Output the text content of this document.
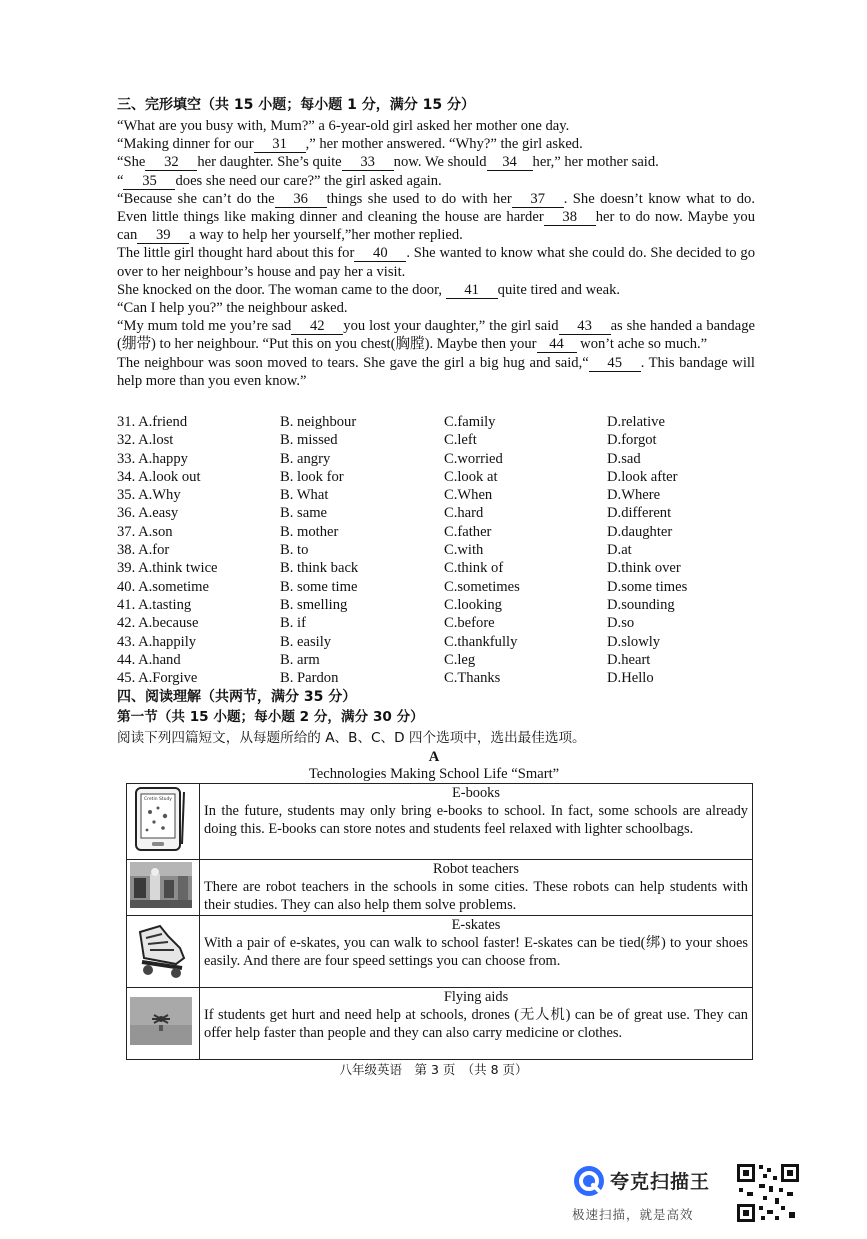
三、完形填空（共 15 小题；每小题 1 分，满分 15 分）

“What are you busy with, Mum?” a 6-year-old girl asked her mother one day.

“Making dinner for our 31 ,” her mother answered. “Why?” the girl asked.

“She 32 her daughter. She’s quite 33 now. We should 34 her,” her mother said.

“ 35 does she need our care?” the girl asked again.

“Because she can’t do the 36 things she used to do with her 37 . She doesn’t know what to do. Even little things like making dinner and cleaning the house are harder 38 her to do now. Maybe you can 39 a way to help her yourself,”her mother replied.

The little girl thought hard about this for 40 . She wanted to know what she could do. She decided to go over to her neighbour’s house and pay her a visit.

She knocked on the door. The woman came to the door, 41 quite tired and weak.

“Can I help you?” the neighbour asked.

“My mum told me you’re sad 42 you lost your daughter,” the girl said 43 as she handed a bandage (绷带) to her neighbour. “Put this on you chest(胸膛). Maybe then your 44 won’t ache so much.”

The neighbour was soon moved to tears. She gave the girl a big hug and said,“ 45 . This bandage will help more than you even know.”

31. A.friend	B. neighbour	C.family	D.relative
32. A.lost	B. missed	C.left	D.forgot
33. A.happy	B. angry	C.worried	D.sad
34. A.look out	B. look for	C.look at	D.look after
35. A.Why	B. What	C.When	D.Where
36. A.easy	B. same	C.hard	D.different
37. A.son	B. mother	C.father	D.daughter
38. A.for	B. to	C.with	D.at
39. A.think twice	B. think back	C.think of	D.think over
40. A.sometime	B. some time	C.sometimes	D.some times
41. A.tasting	B. smelling	C.looking	D.sounding
42. A.because	B. if	C.before	D.so
43. A.happily	B. easily	C.thankfully	D.slowly
44. A.hand	B. arm	C.leg	D.heart
45. A.Forgive	B. Pardon	C.Thanks	D.Hello
四、阅读理解（共两节，满分 35 分）
第一节（共 15 小题；每小题 2 分，满分 30 分）
阅读下列四篇短文，从每题所给的 A、B、C、D 四个选项中，选出最佳选项。
A
Technologies Making School Life “Smart”
Cretin Study	E-books
In the future, students may only bring e-books to school. In fact, some schools are already doing this. E-books can store notes and students feel relaxed with lighter schoolbags.

Robot teachers
There are robot teachers in the schools in some cities. These robots can help students with their studies. They can also help them solve problems.

E-skates
With a pair of e-skates, you can walk to school faster! E-skates can be tied(绑) to your shoes easily. And there are four speed settings you can choose from.

Flying aids
If students get hurt and need help at schools, drones (无人机) can be of great use. They can offer help faster than people and they can also carry medicine or clothes.
八年级英语　第 3 页　（共 8 页）
夸克扫描王
极速扫描，就是高效
